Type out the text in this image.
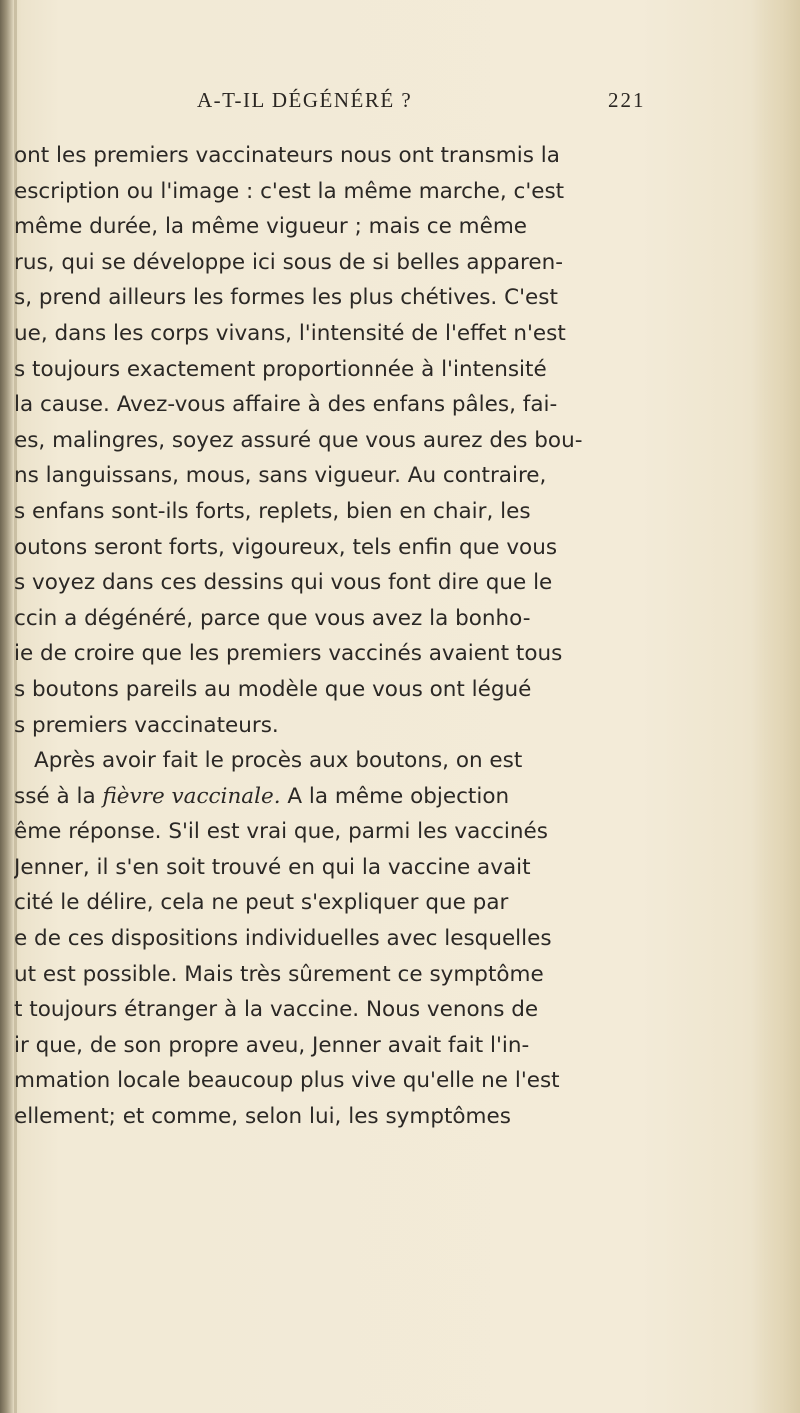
A-T-IL DÉGÉNÉRÉ ?	221
ont les premiers vaccinateurs nous ont transmis la
escription ou l'image : c'est la même marche, c'est
même durée, la même vigueur ; mais ce même
rus, qui se développe ici sous de si belles apparen-
s, prend ailleurs les formes les plus chétives. C'est
ue, dans les corps vivans, l'intensité de l'effet n'est
s toujours exactement proportionnée à l'intensité
la cause. Avez-vous affaire à des enfans pâles, fai-
es, malingres, soyez assuré que vous aurez des bou-
ns languissans, mous, sans vigueur. Au contraire,
s enfans sont-ils forts, replets, bien en chair, les
outons seront forts, vigoureux, tels enfin que vous
s voyez dans ces dessins qui vous font dire que le
ccin a dégénéré, parce que vous avez la bonho-
ie de croire que les premiers vaccinés avaient tous
s boutons pareils au modèle que vous ont légué
s premiers vaccinateurs.
Après avoir fait le procès aux boutons, on est
ssé à la fièvre vaccinale. A la même objection
ême réponse. S'il est vrai que, parmi les vaccinés
Jenner, il s'en soit trouvé en qui la vaccine avait
cité le délire, cela ne peut s'expliquer que par
e de ces dispositions individuelles avec lesquelles
ut est possible. Mais très sûrement ce symptôme
t toujours étranger à la vaccine. Nous venons de
ir que, de son propre aveu, Jenner avait fait l'in-
mmation locale beaucoup plus vive qu'elle ne l'est
ellement; et comme, selon lui, les symptômes
